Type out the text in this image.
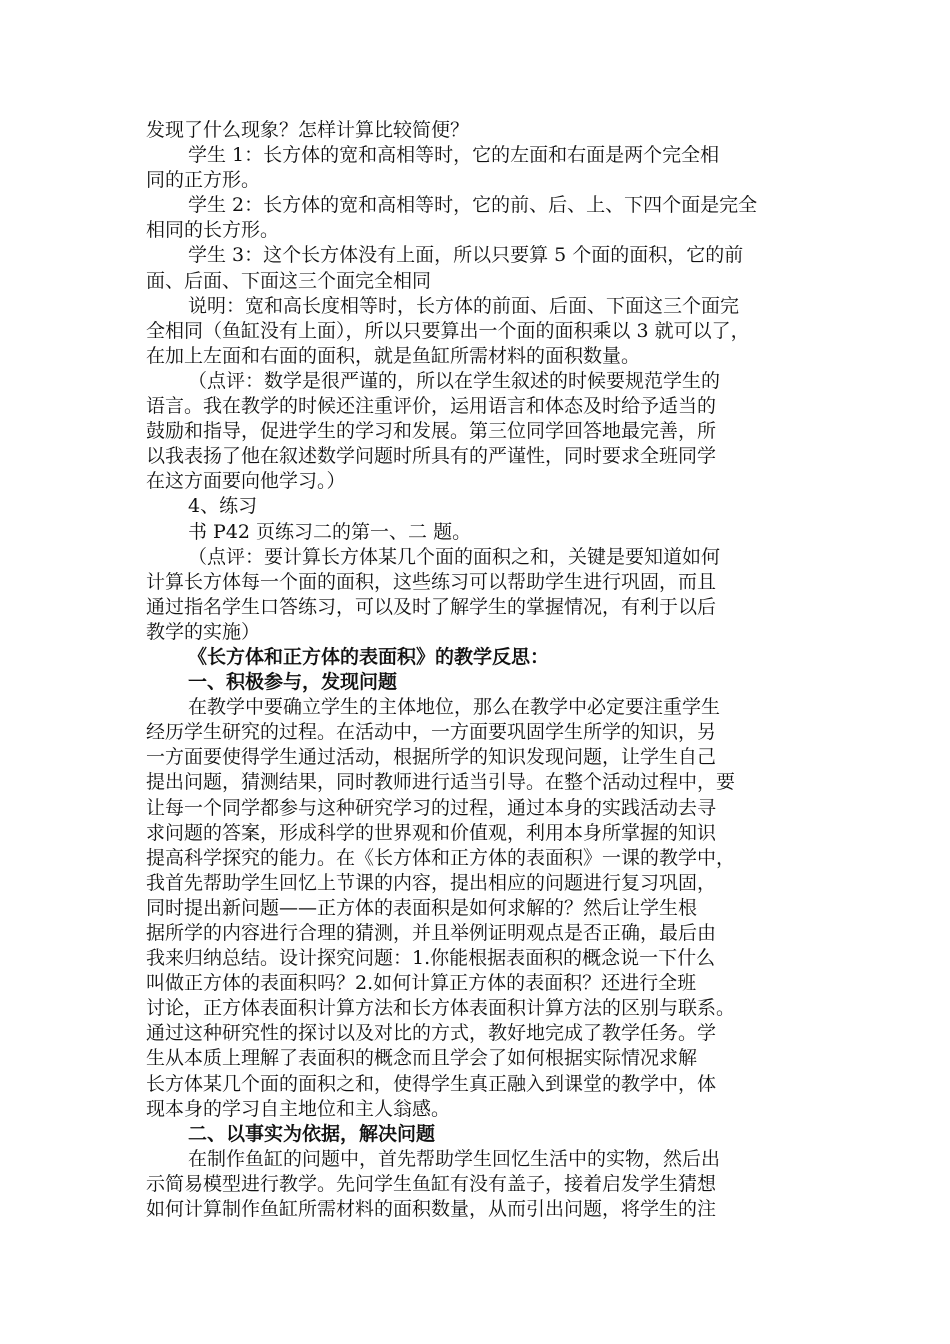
发现了什么现象？怎样计算比较简便？
学生 1：长方体的宽和高相等时，它的左面和右面是两个完全相
同的正方形。
学生 2：长方体的宽和高相等时，它的前、后、上、下四个面是完全
相同的长方形。
学生 3：这个长方体没有上面，所以只要算 5 个面的面积，它的前
面、后面、下面这三个面完全相同
说明：宽和高长度相等时，长方体的前面、后面、下面这三个面完
全相同（鱼缸没有上面），所以只要算出一个面的面积乘以 3 就可以了，
在加上左面和右面的面积，就是鱼缸所需材料的面积数量。
（点评：数学是很严谨的，所以在学生叙述的时候要规范学生的
语言。我在教学的时候还注重评价，运用语言和体态及时给予适当的
鼓励和指导，促进学生的学习和发展。第三位同学回答地最完善，所
以我表扬了他在叙述数学问题时所具有的严谨性，同时要求全班同学
在这方面要向他学习。）
4、练习
书 P42 页练习二的第一、二 题。
（点评：要计算长方体某几个面的面积之和，关键是要知道如何
计算长方体每一个面的面积，这些练习可以帮助学生进行巩固，而且
通过指名学生口答练习，可以及时了解学生的掌握情况，有利于以后
教学的实施）
《长方体和正方体的表面积》的教学反思：
一、积极参与，发现问题
在教学中要确立学生的主体地位，那么在教学中必定要注重学生
经历学生研究的过程。在活动中，一方面要巩固学生所学的知识，另
一方面要使得学生通过活动，根据所学的知识发现问题，让学生自己
提出问题，猜测结果，同时教师进行适当引导。在整个活动过程中，要
让每一个同学都参与这种研究学习的过程，通过本身的实践活动去寻
求问题的答案，形成科学的世界观和价值观，利用本身所掌握的知识
提高科学探究的能力。在《长方体和正方体的表面积》一课的教学中，
我首先帮助学生回忆上节课的内容，提出相应的问题进行复习巩固，
同时提出新问题——正方体的表面积是如何求解的？然后让学生根
据所学的内容进行合理的猜测，并且举例证明观点是否正确，最后由
我来归纳总结。设计探究问题：1.你能根据表面积的概念说一下什么
叫做正方体的表面积吗？2.如何计算正方体的表面积？还进行全班
讨论，正方体表面积计算方法和长方体表面积计算方法的区别与联系。
通过这种研究性的探讨以及对比的方式，教好地完成了教学任务。学
生从本质上理解了表面积的概念而且学会了如何根据实际情况求解
长方体某几个面的面积之和，使得学生真正融入到课堂的教学中，体
现本身的学习自主地位和主人翁感。
二、以事实为依据，解决问题
在制作鱼缸的问题中，首先帮助学生回忆生活中的实物，然后出
示简易模型进行教学。先问学生鱼缸有没有盖子，接着启发学生猜想
如何计算制作鱼缸所需材料的面积数量，从而引出问题，将学生的注
